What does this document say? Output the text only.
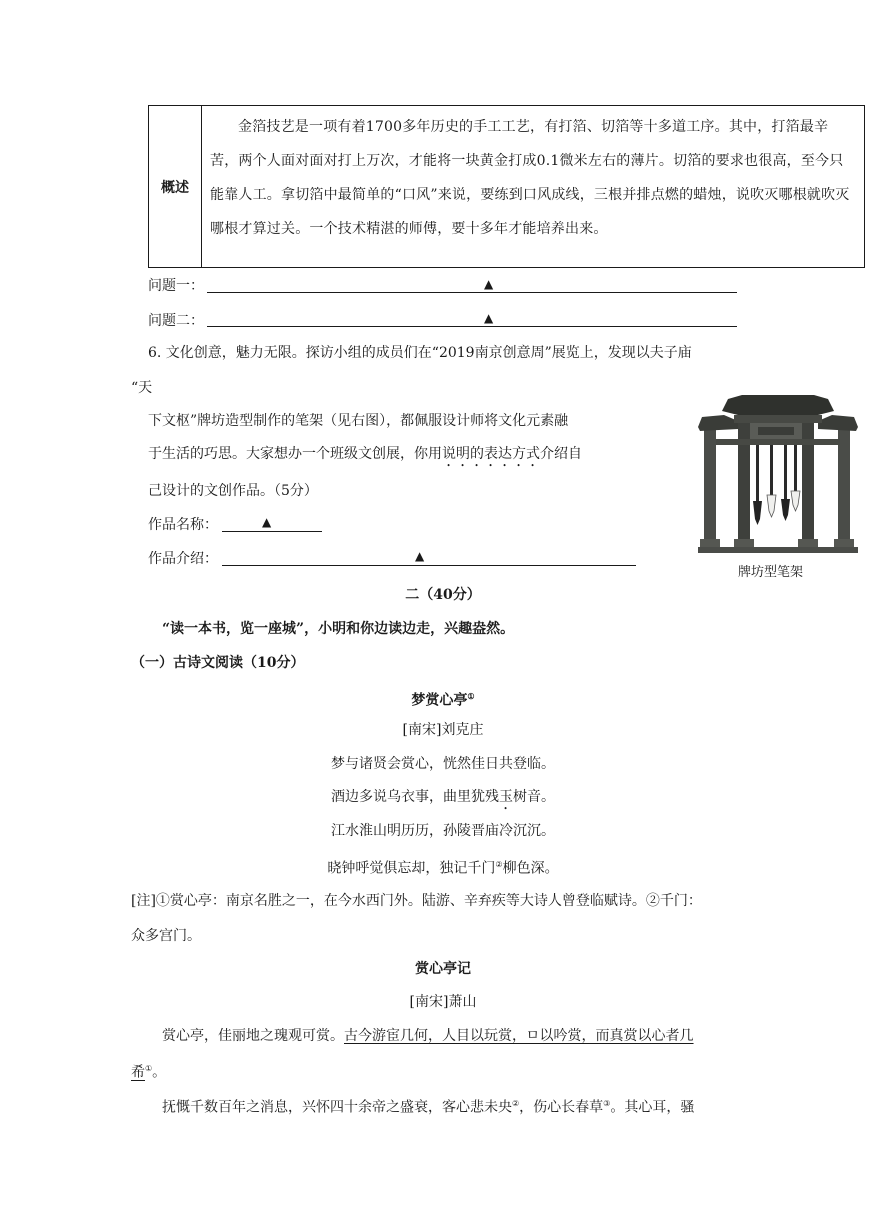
概述	
金箔技艺是一项有着1700多年历史的手工工艺，有打箔、切箔等十多道工序。其中，打箔最辛苦，两个人面对面对打上万次，才能将一块黄金打成0.1微米左右的薄片。切箔的要求也很高，至今只能靠人工。拿切箔中最简单的“口风”来说，要练到口风成线，三根并排点燃的蜡烛，说吹灭哪根就吹灭哪根才算过关。一个技术精湛的师傅，要十多年才能培养出来。
问题一：	▲
问题二：	▲
6. 文化创意，魅力无限。探访小组的成员们在“2019南京创意周”展览上，发现以夫子庙
“天
下文枢”牌坊造型制作的笔架（见右图），都佩服设计师将文化元素融
于生活的巧思。大家想办一个班级文创展，你用说明的表达方式介绍自
己设计的文创作品。（5分）
作品名称：	▲
作品介绍：	▲
牌坊型笔架
二（40分）
“读一本书，览一座城”，小明和你边读边走，兴趣盎然。
（一）古诗文阅读（10分）
梦赏心亭①
[南宋]刘克庄
梦与诸贤会赏心，恍然佳日共登临。
酒边多说乌衣事，曲里犹残玉树音。
江水淮山明历历，孙陵晋庙冷沉沉。
晓钟呼觉俱忘却，独记千门②柳色深。
[注]①赏心亭：南京名胜之一，在今水西门外。陆游、辛弃疾等大诗人曾登临赋诗。②千门：
众多宫门。
赏心亭记
[南宋]萧山
赏心亭，佳丽地之瑰观可赏。古今游宦几何，人目以玩赏，ㅁ以吟赏，而真赏以心者几
希①。
抚慨千数百年之消息，兴怀四十余帝之盛衰，客心悲未央②，伤心长春草③。其心耳，骚
